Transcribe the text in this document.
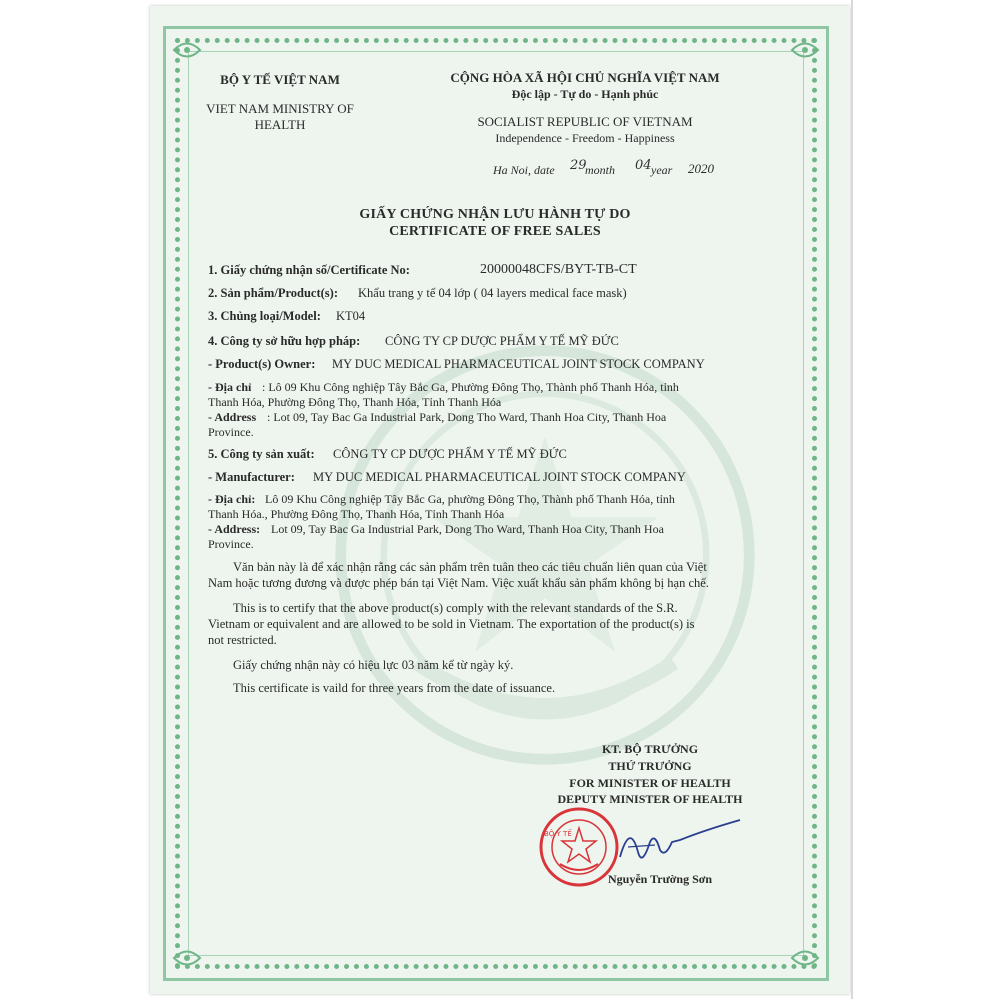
BỘ Y TẾ VIỆT NAM
VIET NAM MINISTRY OF
HEALTH
CỘNG HÒA XÃ HỘI CHỦ NGHĨA VIỆT NAM
Độc lập - Tự do - Hạnh phúc
SOCIALIST REPUBLIC OF VIETNAM
Independence - Freedom - Happiness
Ha Noi, date 29
month 04 year 2020
GIẤY CHỨNG NHẬN LƯU HÀNH TỰ DO
CERTIFICATE OF FREE SALES
1. Giấy chứng nhận số/Certificate No:	20000048CFS/BYT-TB-CT
2. Sản phẩm/Product(s): Khẩu trang y tế 04 lớp ( 04 layers medical face mask)
3. Chủng loại/Model: KT04
4. Công ty sở hữu hợp pháp: CÔNG TY CP DƯỢC PHẨM Y TẾ MỸ ĐỨC
- Product(s) Owner: MY DUC MEDICAL PHARMACEUTICAL JOINT STOCK COMPANY
- Địa chỉ : Lô 09 Khu Công nghiệp Tây Bắc Ga, Phường Đông Thọ, Thành phố Thanh Hóa, tỉnh
Thanh Hóa, Phường Đông Thọ, Thanh Hóa, Tỉnh Thanh Hóa
- Address : Lot 09, Tay Bac Ga Industrial Park, Dong Tho Ward, Thanh Hoa City, Thanh Hoa
Province.
5. Công ty sản xuất: CÔNG TY CP DƯỢC PHẨM Y TẾ MỸ ĐỨC
- Manufacturer: MY DUC MEDICAL PHARMACEUTICAL JOINT STOCK COMPANY
- Địa chỉ: Lô 09 Khu Công nghiệp Tây Bắc Ga, phường Đông Thọ, Thành phố Thanh Hóa, tỉnh
Thanh Hóa., Phường Đông Thọ, Thanh Hóa, Tỉnh Thanh Hóa
- Address: Lot 09, Tay Bac Ga Industrial Park, Dong Tho Ward, Thanh Hoa City, Thanh Hoa
Province.
Văn bản này là để xác nhận rằng các sản phẩm trên tuân theo các tiêu chuẩn liên quan của Việt
Nam hoặc tương đương và được phép bán tại Việt Nam. Việc xuất khẩu sản phẩm không bị hạn chế.
This is to certify that the above product(s) comply with the relevant standards of the S.R.
Vietnam or equivalent and are allowed to be sold in Vietnam. The exportation of the product(s) is
not restricted.
Giấy chứng nhận này có hiệu lực 03 năm kể từ ngày ký.
This certificate is vaild for three years from the date of issuance.
KT. BỘ TRƯỞNG
THỨ TRƯỞNG
FOR MINISTER OF HEALTH
DEPUTY MINISTER OF HEALTH
BỘ Y TẾ
Nguyễn Trường Sơn
